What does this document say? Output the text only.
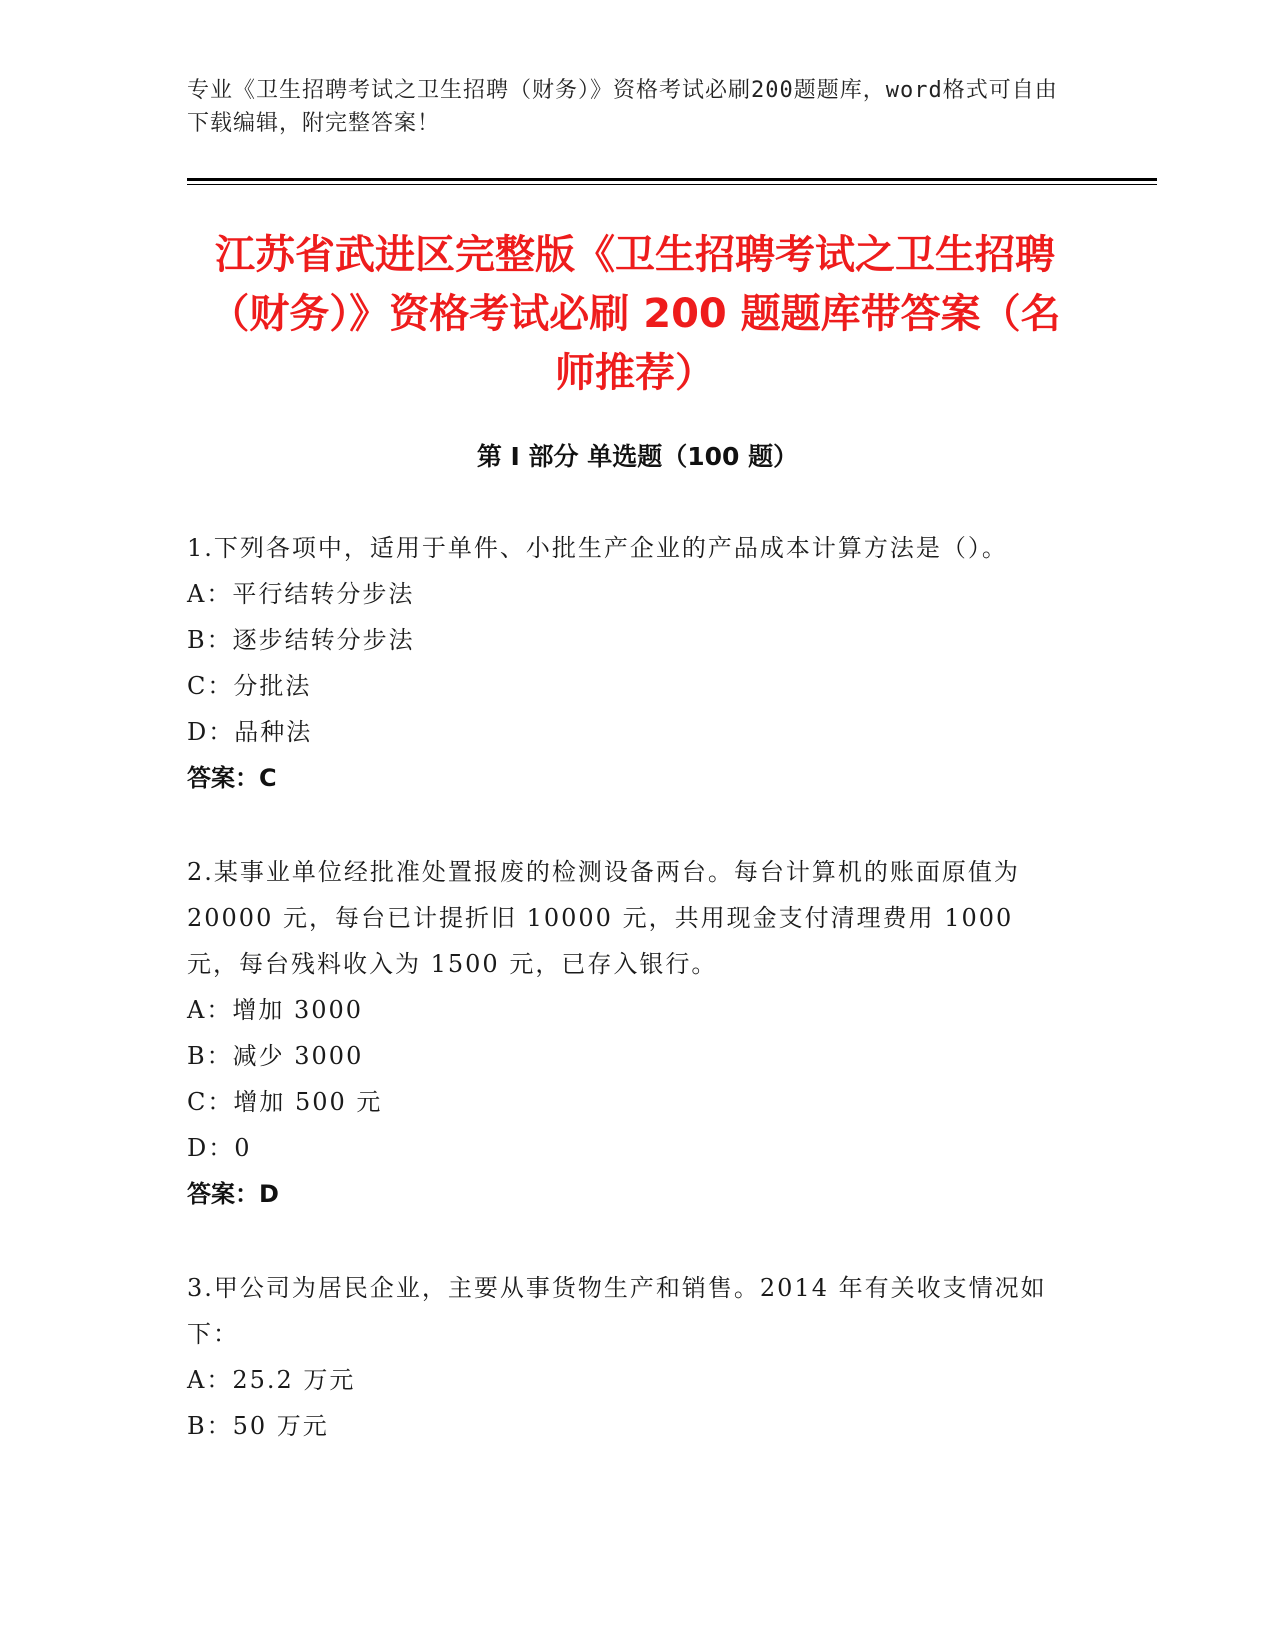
专业《卫生招聘考试之卫生招聘（财务）》资格考试必刷200题题库，word格式可自由下载编辑，附完整答案！
江苏省武进区完整版《卫生招聘考试之卫生招聘（财务）》资格考试必刷 200 题题库带答案（名师推荐）
第 I 部分 单选题（100 题）
1.下列各项中，适用于单件、小批生产企业的产品成本计算方法是（）。
A：平行结转分步法
B：逐步结转分步法
C：分批法
D：品种法
答案：C
2.某事业单位经批准处置报废的检测设备两台。每台计算机的账面原值为 20000 元，每台已计提折旧 10000 元，共用现金支付清理费用 1000 元，每台残料收入为 1500 元，已存入银行。
A：增加 3000
B：减少 3000
C：增加 500 元
D：0
答案：D
3.甲公司为居民企业，主要从事货物生产和销售。2014 年有关收支情况如下：
A：25.2 万元
B：50 万元
